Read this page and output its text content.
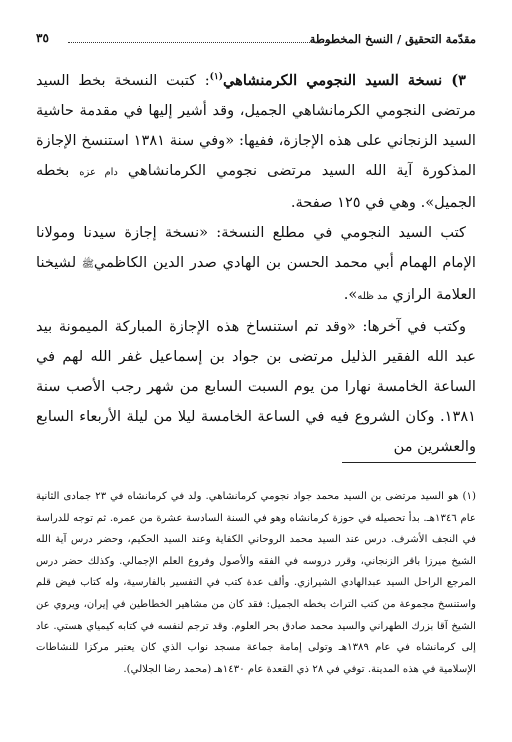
مقدّمة التحقيق / النسخ المخطوطة
٣٥

٣) نسخة السيد النجومي الكرمنشاهي$^{(١)}$: كتبت النسخة بخط السيد مرتضى النجومي الكرمانشاهي الجميل، وقد أشير إليها في مقدمة حاشية السيد الزنجاني على هذه الإجازة، ففيها: «وفي سنة ١٣٨١ استنسخ الإجازة المذكورة آية الله السيد مرتضى نجومي الكرمانشاهي دام عزه بخطه الجميل». وهي في ١٢٥ صفحة.

كتب السيد النجومي في مطلع النسخة: «نسخة إجازة سيدنا ومولانا الإمام الهمام أبي محمد الحسن بن الهادي صدر الدين الكاظميﷺ لشيخنا العلامة الرازي مد ظله».

وكتب في آخرها: «وقد تم استنساخ هذه الإجازة المباركة الميمونة بيد عبد الله الفقير الذليل مرتضى بن جواد بن إسماعيل غفر الله لهم في الساعة الخامسة نهارا من يوم السبت السابع من شهر رجب الأصب سنة ١٣٨١. وكان الشروع فيه في الساعة الخامسة ليلا من ليلة الأربعاء السابع والعشرين من

(١) هو السيد مرتضى بن السيد محمد جواد نجومي كرمانشاهي. ولد في كرمانشاه في ٢٣ جمادى الثانية عام ١٣٤٦هـ. بدأ تحصيله في حوزة كرمانشاه وهو في السنة السادسة عشرة من عمره. ثم توجه للدراسة في النجف الأشرف. درس عند السيد محمد الروحاني الكفاية وعند السيد الحكيم، وحضر درس آية الله الشيخ ميرزا باقر الزنجاني، وقرر دروسه في الفقه والأصول وفروع العلم الإجمالي. وكذلك حضر درس المرجع الراحل السيد عبدالهادي الشيرازي. وألف عدة كتب في التفسير بالفارسية، وله كتاب فيض قلم واستنسخ مجموعة من كتب التراث بخطه الجميل: فقد كان من مشاهير الخطاطين في إيران، ويروي عن الشيخ آقا بزرك الطهراني والسيد محمد صادق بحر العلوم. وقد ترجم لنفسه في كتابه كيمياي هستي. عاد إلى كرمانشاه في عام ١٣٨٩هـ وتولى إمامة جماعة مسجد نواب الذي كان يعتبر مركزا للنشاطات الإسلامية في هذه المدينة. توفي في ٢٨ ذي القعدة عام ١٤٣٠هـ (محمد رضا الجلالي).
